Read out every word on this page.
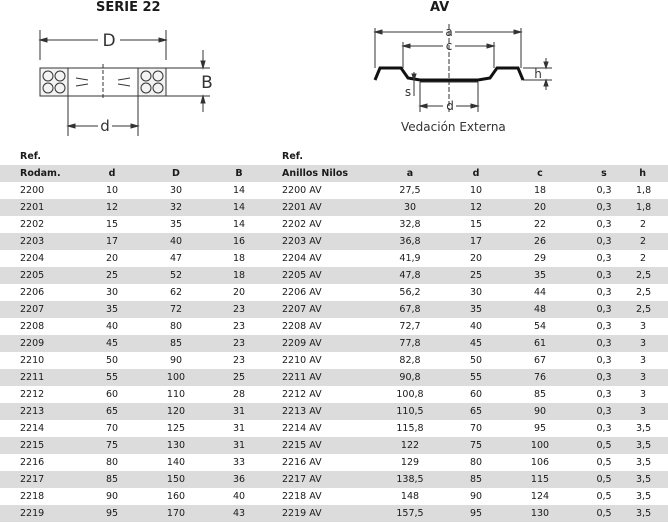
SERIE 22	AV
D
B
d
a
c
h
s
d
Vedación Externa
Ref.				Ref.					
Rodam.	d	D	B	Anillos Nilos	a	d	c	s	h
2200	10	30	14	2200 AV	27,5	10	18	0,3	1,8
2201	12	32	14	2201 AV	30	12	20	0,3	1,8
2202	15	35	14	2202 AV	32,8	15	22	0,3	2
2203	17	40	16	2203 AV	36,8	17	26	0,3	2
2204	20	47	18	2204 AV	41,9	20	29	0,3	2
2205	25	52	18	2205 AV	47,8	25	35	0,3	2,5
2206	30	62	20	2206 AV	56,2	30	44	0,3	2,5
2207	35	72	23	2207 AV	67,8	35	48	0,3	2,5
2208	40	80	23	2208 AV	72,7	40	54	0,3	3
2209	45	85	23	2209 AV	77,8	45	61	0,3	3
2210	50	90	23	2210 AV	82,8	50	67	0,3	3
2211	55	100	25	2211 AV	90,8	55	76	0,3	3
2212	60	110	28	2212 AV	100,8	60	85	0,3	3
2213	65	120	31	2213 AV	110,5	65	90	0,3	3
2214	70	125	31	2214 AV	115,8	70	95	0,3	3,5
2215	75	130	31	2215 AV	122	75	100	0,5	3,5
2216	80	140	33	2216 AV	129	80	106	0,5	3,5
2217	85	150	36	2217 AV	138,5	85	115	0,5	3,5
2218	90	160	40	2218 AV	148	90	124	0,5	3,5
2219	95	170	43	2219 AV	157,5	95	130	0,5	3,5
